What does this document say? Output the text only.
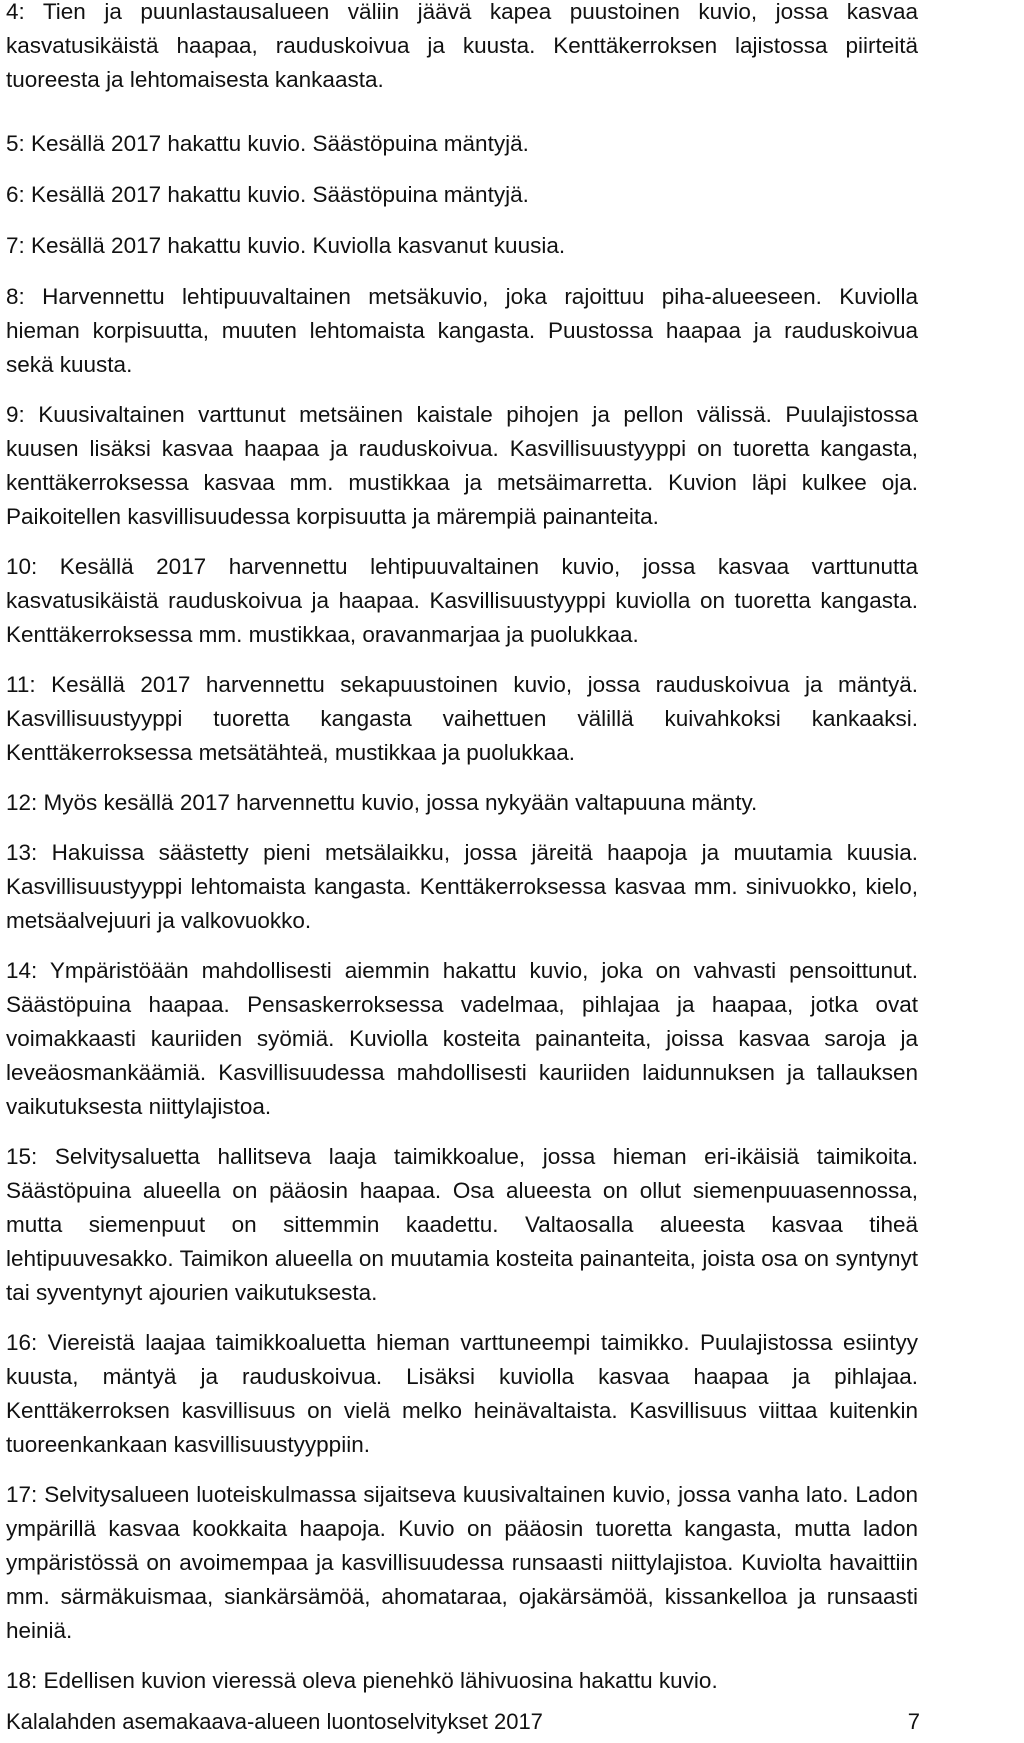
4: Tien ja puunlastausalueen väliin jäävä kapea puustoinen kuvio, jossa kasvaa kasvatusikäistä haapaa, rauduskoivua ja kuusta. Kenttäkerroksen lajistossa piirteitä tuoreesta ja lehtomaisesta kankaasta.

5: Kesällä 2017 hakattu kuvio. Säästöpuina mäntyjä.

6: Kesällä 2017 hakattu kuvio. Säästöpuina mäntyjä.

7: Kesällä 2017 hakattu kuvio. Kuviolla kasvanut kuusia.

8: Harvennettu lehtipuuvaltainen metsäkuvio, joka rajoittuu piha-alueeseen. Kuviolla hieman korpisuutta, muuten lehtomaista kangasta. Puustossa haapaa ja rauduskoivua sekä kuusta.

9: Kuusivaltainen varttunut metsäinen kaistale pihojen ja pellon välissä. Puulajistossa kuusen lisäksi kasvaa haapaa ja rauduskoivua. Kasvillisuustyyppi on tuoretta kangasta, kenttäkerroksessa kasvaa mm. mustikkaa ja metsäimarretta. Kuvion läpi kulkee oja. Paikoitellen kasvillisuudessa korpisuutta ja märempiä painanteita.

10: Kesällä 2017 harvennettu lehtipuuvaltainen kuvio, jossa kasvaa varttunutta kasvatusikäistä rauduskoivua ja haapaa. Kasvillisuustyyppi kuviolla on tuoretta kangasta. Kenttäkerroksessa mm. mustikkaa, oravanmarjaa ja puolukkaa.

11: Kesällä 2017 harvennettu sekapuustoinen kuvio, jossa rauduskoivua ja mäntyä. Kasvillisuustyyppi tuoretta kangasta vaihettuen välillä kuivahkoksi kankaaksi. Kenttäkerroksessa metsätähteä, mustikkaa ja puolukkaa.

12: Myös kesällä 2017 harvennettu kuvio, jossa nykyään valtapuuna mänty.

13: Hakuissa säästetty pieni metsälaikku, jossa järeitä haapoja ja muutamia kuusia. Kasvillisuustyyppi lehtomaista kangasta. Kenttäkerroksessa kasvaa mm. sinivuokko, kielo, metsäalvejuuri ja valkovuokko.

14: Ympäristöään mahdollisesti aiemmin hakattu kuvio, joka on vahvasti pensoittunut. Säästöpuina haapaa. Pensaskerroksessa vadelmaa, pihlajaa ja haapaa, jotka ovat voimakkaasti kauriiden syömiä. Kuviolla kosteita painanteita, joissa kasvaa saroja ja leveäosmankäämiä. Kasvillisuudessa mahdollisesti kauriiden laidunnuksen ja tallauksen vaikutuksesta niittylajistoa.

15: Selvitysaluetta hallitseva laaja taimikkoalue, jossa hieman eri-ikäisiä taimikoita. Säästöpuina alueella on pääosin haapaa. Osa alueesta on ollut siemenpuuasennossa, mutta siemenpuut on sittemmin kaadettu. Valtaosalla alueesta kasvaa tiheä lehtipuuvesakko. Taimikon alueella on muutamia kosteita painanteita, joista osa on syntynyt tai syventynyt ajourien vaikutuksesta.

16: Viereistä laajaa taimikkoaluetta hieman varttuneempi taimikko. Puulajistossa esiintyy kuusta, mäntyä ja rauduskoivua. Lisäksi kuviolla kasvaa haapaa ja pihlajaa. Kenttäkerroksen kasvillisuus on vielä melko heinävaltaista. Kasvillisuus viittaa kuitenkin tuoreenkankaan kasvillisuustyyppiin.

17: Selvitysalueen luoteiskulmassa sijaitseva kuusivaltainen kuvio, jossa vanha lato. Ladon ympärillä kasvaa kookkaita haapoja. Kuvio on pääosin tuoretta kangasta, mutta ladon ympäristössä on avoimempaa ja kasvillisuudessa runsaasti niittylajistoa. Kuviolta havaittiin mm. särmäkuismaa, siankärsämöä, ahomataraa, ojakärsämöä, kissankelloa ja runsaasti heiniä.

18: Edellisen kuvion vieressä oleva pienehkö lähivuosina hakattu kuvio.

Kalalahden asemakaava-alueen luontoselvitykset 2017	7
